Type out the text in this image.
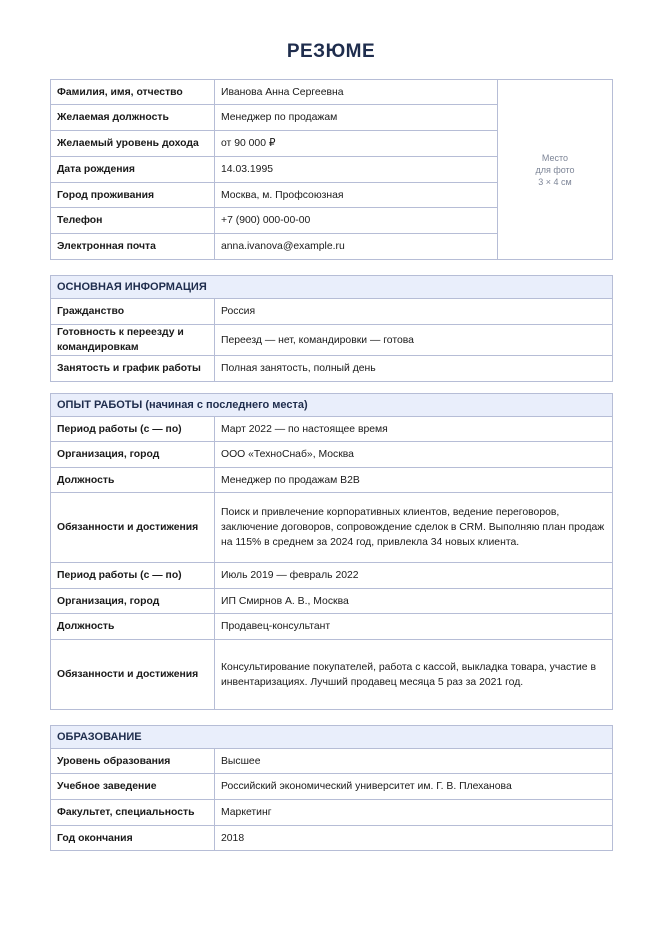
РЕЗЮМЕ
Фамилия, имя, отчество	Иванова Анна Сергеевна	Место
для фото
3 × 4 см

Желаемая должность	Менеджер по продажам	
Желаемый уровень дохода	от 90 000 ₽	
Дата рождения	14.03.1995	
Город проживания	Москва, м. Профсоюзная	
Телефон	+7 (900) 000-00-00	
Электронная почта	anna.ivanova@example.ru	
ОСНОВНАЯ ИНФОРМАЦИЯ	
Гражданство	Россия
Готовность к переезду и командировкам	Переезд — нет, командировки — готова
Занятость и график работы	Полная занятость, полный день
ОПЫТ РАБОТЫ (начиная с последнего места)	
Период работы (с — по)	Март 2022 — по настоящее время
Организация, город	ООО «ТехноСнаб», Москва
Должность	Менеджер по продажам B2B
Обязанности и достижения	Поиск и привлечение корпоративных клиентов, ведение переговоров, заключение договоров, сопровождение сделок в CRM. Выполняю план продаж на 115% в среднем за 2024 год, привлекла 34 новых клиента.
Период работы (с — по)	Июль 2019 — февраль 2022
Организация, город	ИП Смирнов А. В., Москва
Должность	Продавец-консультант
Обязанности и достижения	Консультирование покупателей, работа с кассой, выкладка товара, участие в инвентаризациях. Лучший продавец месяца 5 раз за 2021 год.
ОБРАЗОВАНИЕ	
Уровень образования	Высшее
Учебное заведение	Российский экономический университет им. Г. В. Плеханова
Факультет, специальность	Маркетинг
Год окончания	2018
